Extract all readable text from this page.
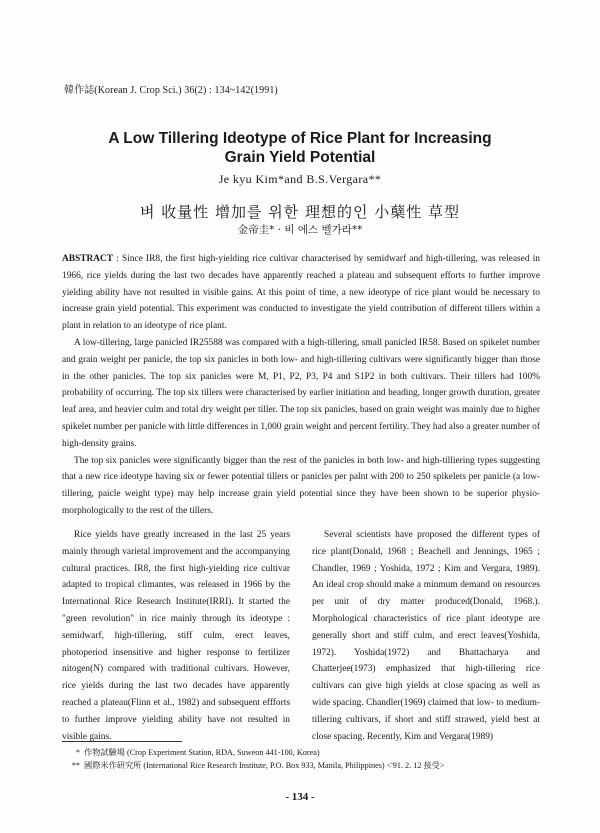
韓作誌(Korean J. Crop Sci.) 36(2) : 134~142(1991)
A Low Tillering Ideotype of Rice Plant for Increasing
Grain Yield Potential
Je kyu Kim*and B.S.Vergara**
벼 收量性 增加를 위한 理想的인 小蘖性 草型
金帝圭* · 비 에스 벨가라**

ABSTRACT : Since IR8, the first high-yielding rice cultivar characterised by semidwarf and high-tillering, was released in 1966, rice yields during the last two decades have apparently reached a plateau and subsequent efforts to further improve yielding ability have not resulted in visible gains. At this point of time, a new ideotype of rice plant would be necessary to increase grain yield potential. This experiment was conducted to investigate the yield contribution of different tillers within a plant in relation to an ideotype of rice plant.

A low-tillering, large panicled IR25588 was compared with a high-tillering, small panicled IR58. Based on spikelet number and grain weight per panicle, the top six panicles in both low- and high-tillering cultivars were significantly bigger than those in the other panicles. The top six panicles were M, P1, P2, P3, P4 and S1P2 in both cultivars. Their tillers had 100% probability of occurring. The top six tillers were characterised by earlier initiation and heading, longer growth duration, greater leaf area, and heavier culm and total dry weight per tiller. The top six panicles, based on grain weight was mainly due to higher spikelet number per panicle with little differences in 1,000 grain weight and percent fertility. They had also a greater number of high-density grains.

The top six panicles were significantly bigger than the rest of the panicles in both low- and high-tilliering types suggesting that a new rice ideotype having six or fewer potential tillers or panicles per palnt with 200 to 250 spikelets per panicle (a low-tillering, paicle weight type) may help increase grain yield potential since they have been shown to be superior physio-morphologically to the rest of the tillers.

Rice yields have greatly increased in the last 25 years mainly through varietal improvement and the accompanying cultural practices. IR8, the first high-yielding rice cultivar adapted to tropical climantes, was released in 1966 by the International Rice Research Institute(IRRI). It started the "green revolution" in rice mainly through its ideotype : semidwarf, high-tillering, stiff culm, erect leaves, photoperiod insensitive and higher response to fertilizer nitogen(N) compared with traditional cultivars. However, rice yields during the last two decades have apparently reached a plateau(Flinn et al., 1982) and subsequent effforts to further improve yielding ability have not resulted in visible gains.

Several scientists have proposed the different types of rice plant(Donald, 1968 ; Beachell and Jennings, 1965 ; Chandler, 1969 ; Yoshida, 1972 ; Kim and Vergara, 1989). An ideal crop should make a minmum demand on resources per unit of dry matter produced(Donald, 1968.). Morphological characteristics of rice plant ideotype are generally short and stiff culm, and erect leaves(Yoshida, 1972). Yoshida(1972) and Bhattacharya and Chatterjee(1973) emphasized that high-tillering rice cultivars can give high yields at close spacing as well as wide spacing. Chandler(1969) claimed that low- to medium-tillering cultivars, if short and stiff strawed, yield best at close spacing. Recently, Kim and Vergara(1989)

* 作物試驗場 (Crop Experiment Station, RDA, Suweon 441-100, Korea)
** 國際米作研究所 (International Rice Research Institute, P.O. Box 933, Manila, Philippines) <'91. 2. 12 接受>
- 134 -
